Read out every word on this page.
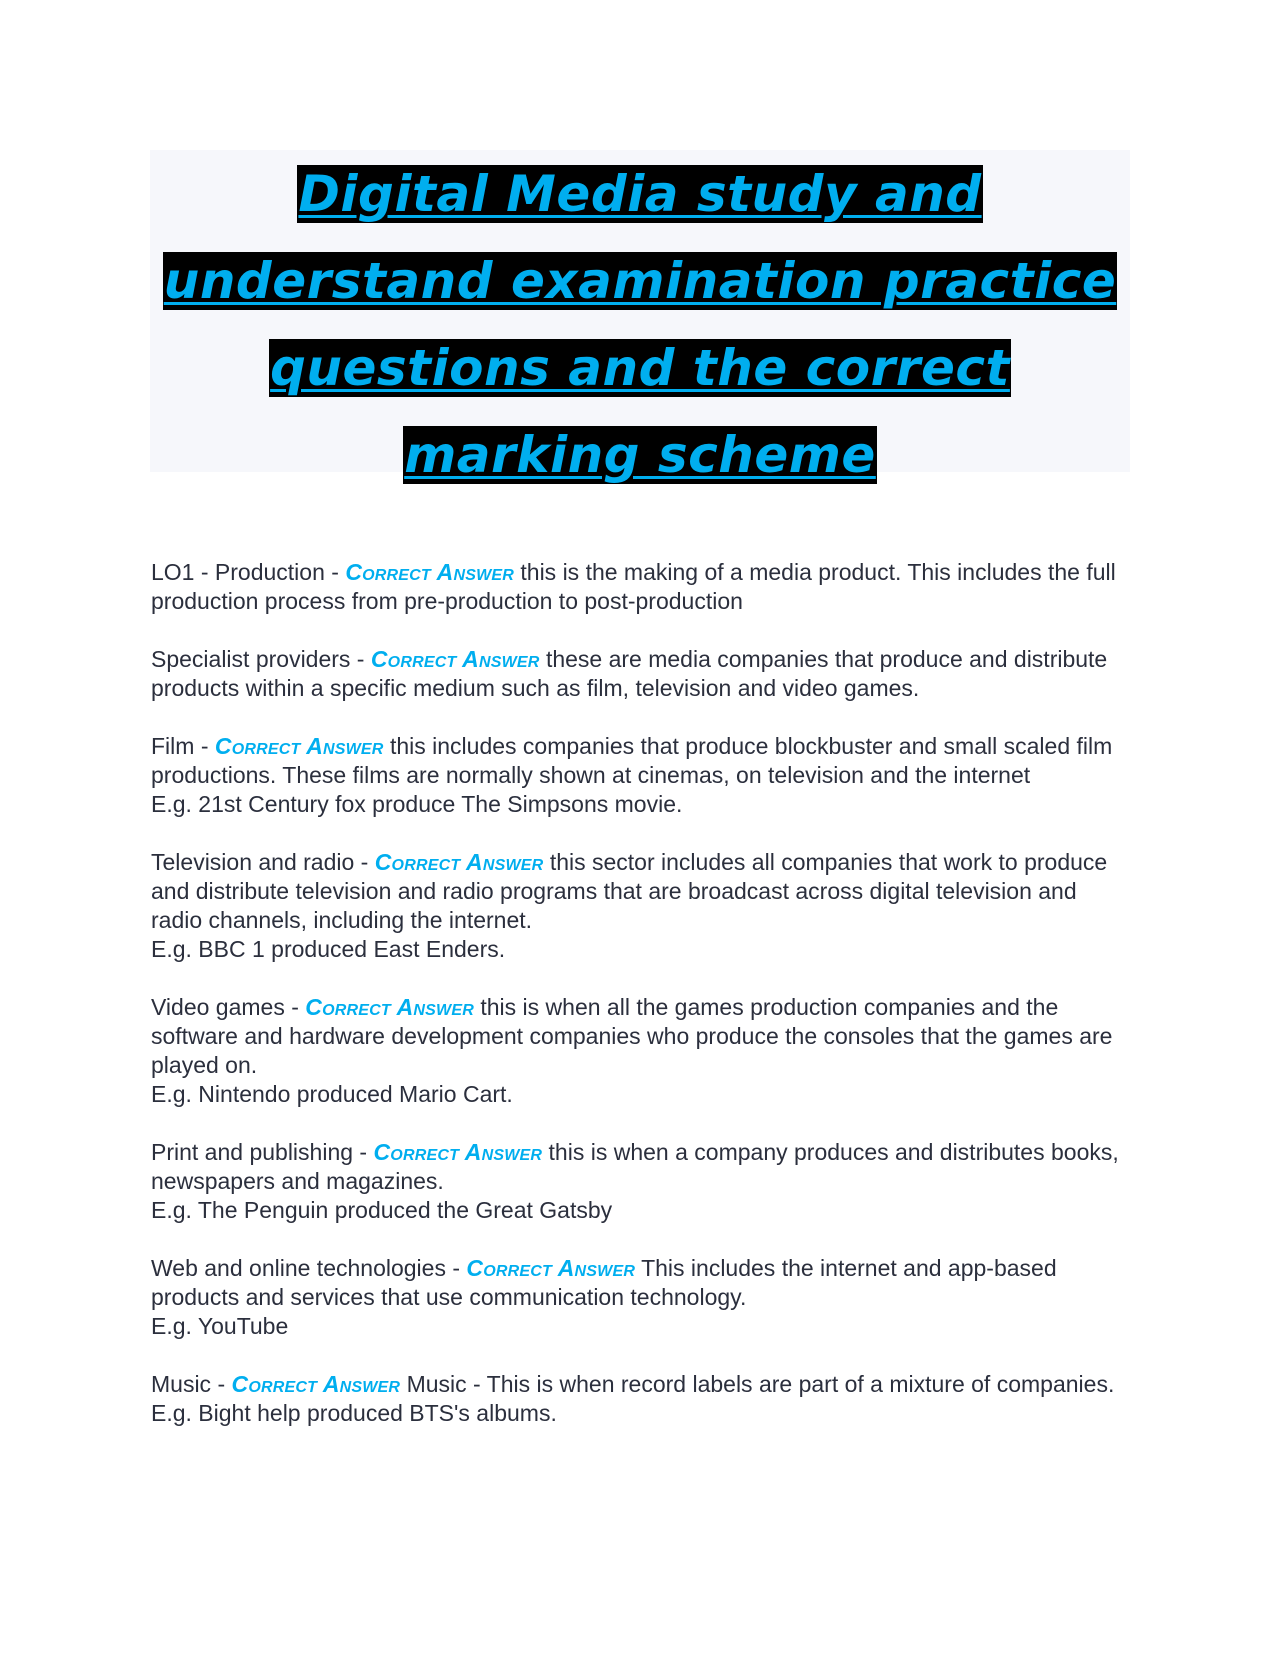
Digital Media study and
understand examination practice
questions and the correct
marking scheme

LO1 - Production - Correct Answer this is the making of a media product. This includes the full production process from pre-production to post-production

Specialist providers - Correct Answer these are media companies that produce and distribute products within a specific medium such as film, television and video games.

Film - Correct Answer this includes companies that produce blockbuster and small scaled film productions. These films are normally shown at cinemas, on television and the internet

E.g. 21st Century fox produce The Simpsons movie.

Television and radio - Correct Answer this sector includes all companies that work to produce and distribute television and radio programs that are broadcast across digital television and radio channels, including the internet.

E.g. BBC 1 produced East Enders.

Video games - Correct Answer this is when all the games production companies and the software and hardware development companies who produce the consoles that the games are played on.

E.g. Nintendo produced Mario Cart.

Print and publishing - Correct Answer this is when a company produces and distributes books, newspapers and magazines.

E.g. The Penguin produced the Great Gatsby

Web and online technologies - Correct Answer This includes the internet and app-based products and services that use communication technology.

E.g. YouTube

Music - Correct Answer Music - This is when record labels are part of a mixture of companies.

E.g. Bight help produced BTS's albums.
